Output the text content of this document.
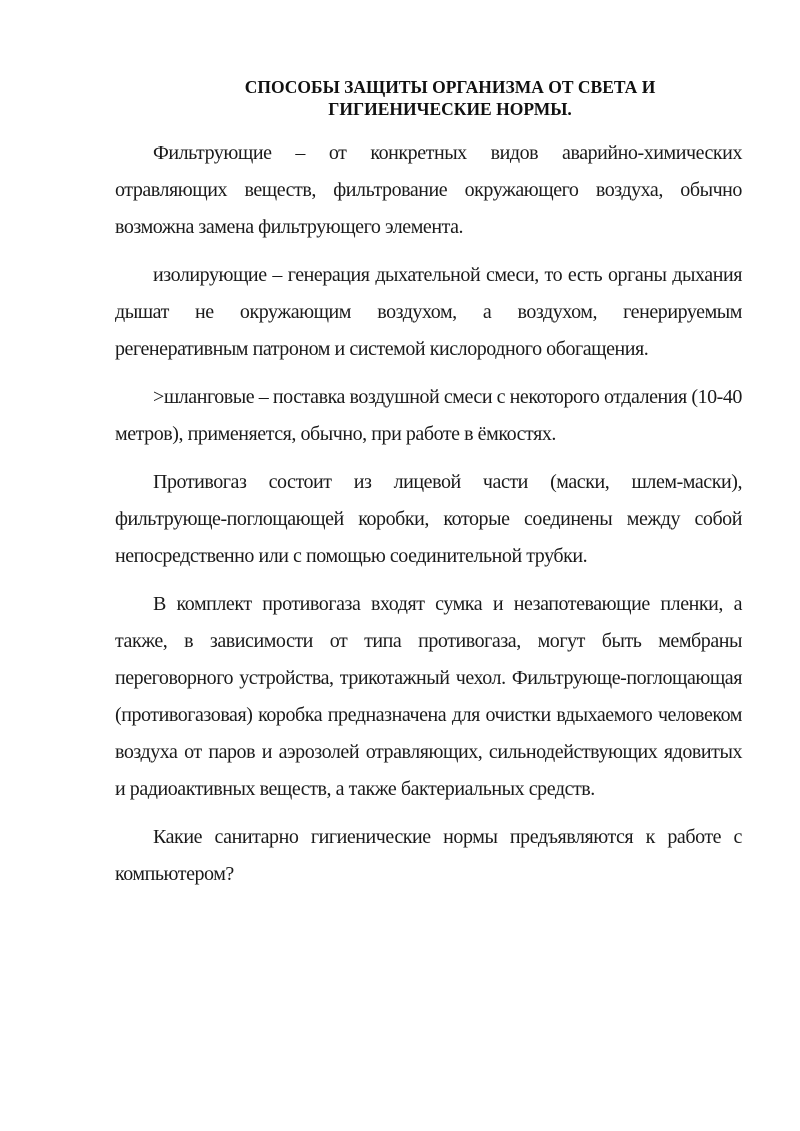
СПОСОБЫ ЗАЩИТЫ ОРГАНИЗМА ОТ СВЕТА И
ГИГИЕНИЧЕСКИЕ НОРМЫ.

Фильтрующие – от конкретных видов аварийно-химических отравляющих веществ, фильтрование окружающего воздуха, обычно возможна замена фильтрующего элемента.

изолирующие – генерация дыхательной смеси, то есть органы дыхания дышат не окружающим воздухом, а воздухом, генерируемым регенеративным патроном и системой кислородного обогащения.

>шланговые – поставка воздушной смеси с некоторого отдаления (10-40 метров), применяется, обычно, при работе в ёмкостях.

Противогаз состоит из лицевой части (маски, шлем-маски), фильтрующе-поглощающей коробки, которые соединены между собой непосредственно или с помощью соединительной трубки.

В комплект противогаза входят сумка и незапотевающие пленки, а также, в зависимости от типа противогаза, могут быть мембраны переговорного устройства, трикотажный чехол. Фильтрующе-поглощающая (противогазовая) коробка предназначена для очистки вдыхаемого человеком воздуха от паров и аэрозолей отравляющих, сильнодействующих ядовитых и радиоактивных веществ, а также бактериальных средств.

Какие санитарно гигиенические нормы предъявляются к работе с компьютером?
